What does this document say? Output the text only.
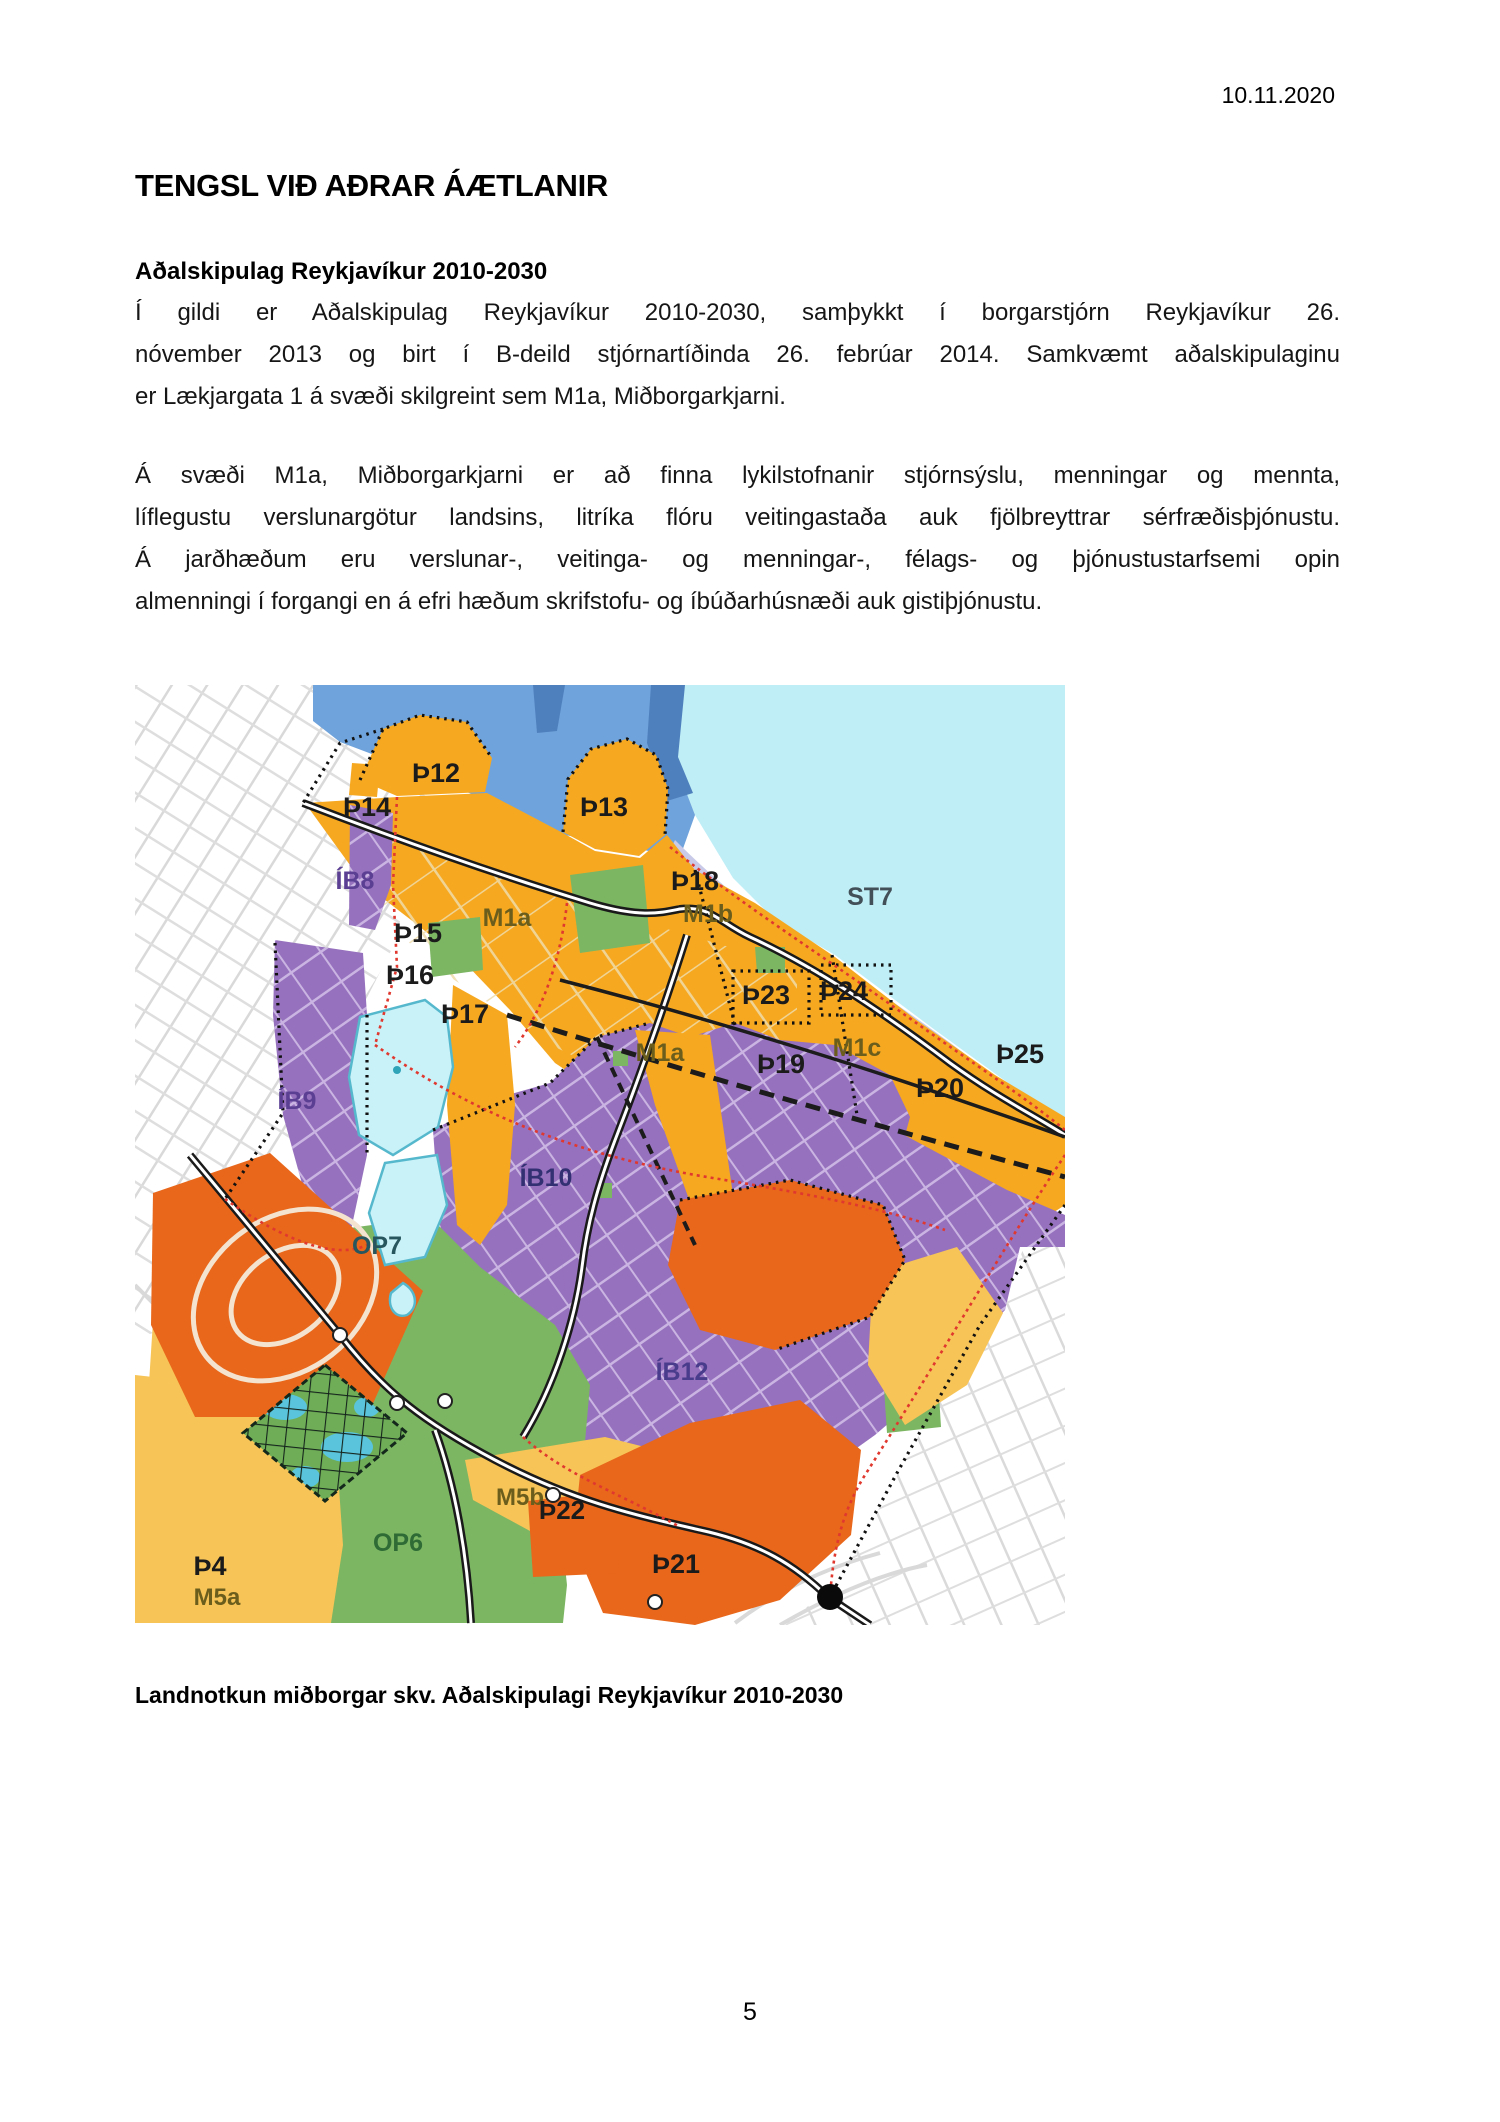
10.11.2020
TENGSL VIÐ AÐRAR ÁÆTLANIR
Aðalskipulag Reykjavíkur 2010-2030
Í gildi er Aðalskipulag Reykjavíkur 2010-2030, samþykkt í borgarstjórn Reykjavíkur 26.
nóvember 2013 og birt í B-deild stjórnartíðinda 26. febrúar 2014. Samkvæmt aðalskipulaginu
er Lækjargata 1 á svæði skilgreint sem M1a, Miðborgarkjarni.
Á svæði M1a, Miðborgarkjarni er að finna lykilstofnanir stjórnsýslu, menningar og mennta,
líflegustu verslunargötur landsins, litríka flóru veitingastaða auk fjölbreyttrar sérfræðisþjónustu.
Á jarðhæðum eru verslunar-, veitinga- og menningar-, félags- og þjónustustarfsemi opin
almenningi í forgangi en á efri hæðum skrifstofu- og íbúðarhúsnæði auk gistiþjónustu.
Þ12
Þ14
ÍB8
Þ13
Þ18
M1b
ST7
Þ15
Þ16
M1a
Þ17
Þ23 Þ24
M1c
M1a	Þ19	Þ25
Þ20
ÍB9
ÍB10
OP7
ÍB12
M5b
Þ22
OP6
Þ21
Þ4
M5a
Landnotkun miðborgar skv. Aðalskipulagi Reykjavíkur 2010-2030
5
